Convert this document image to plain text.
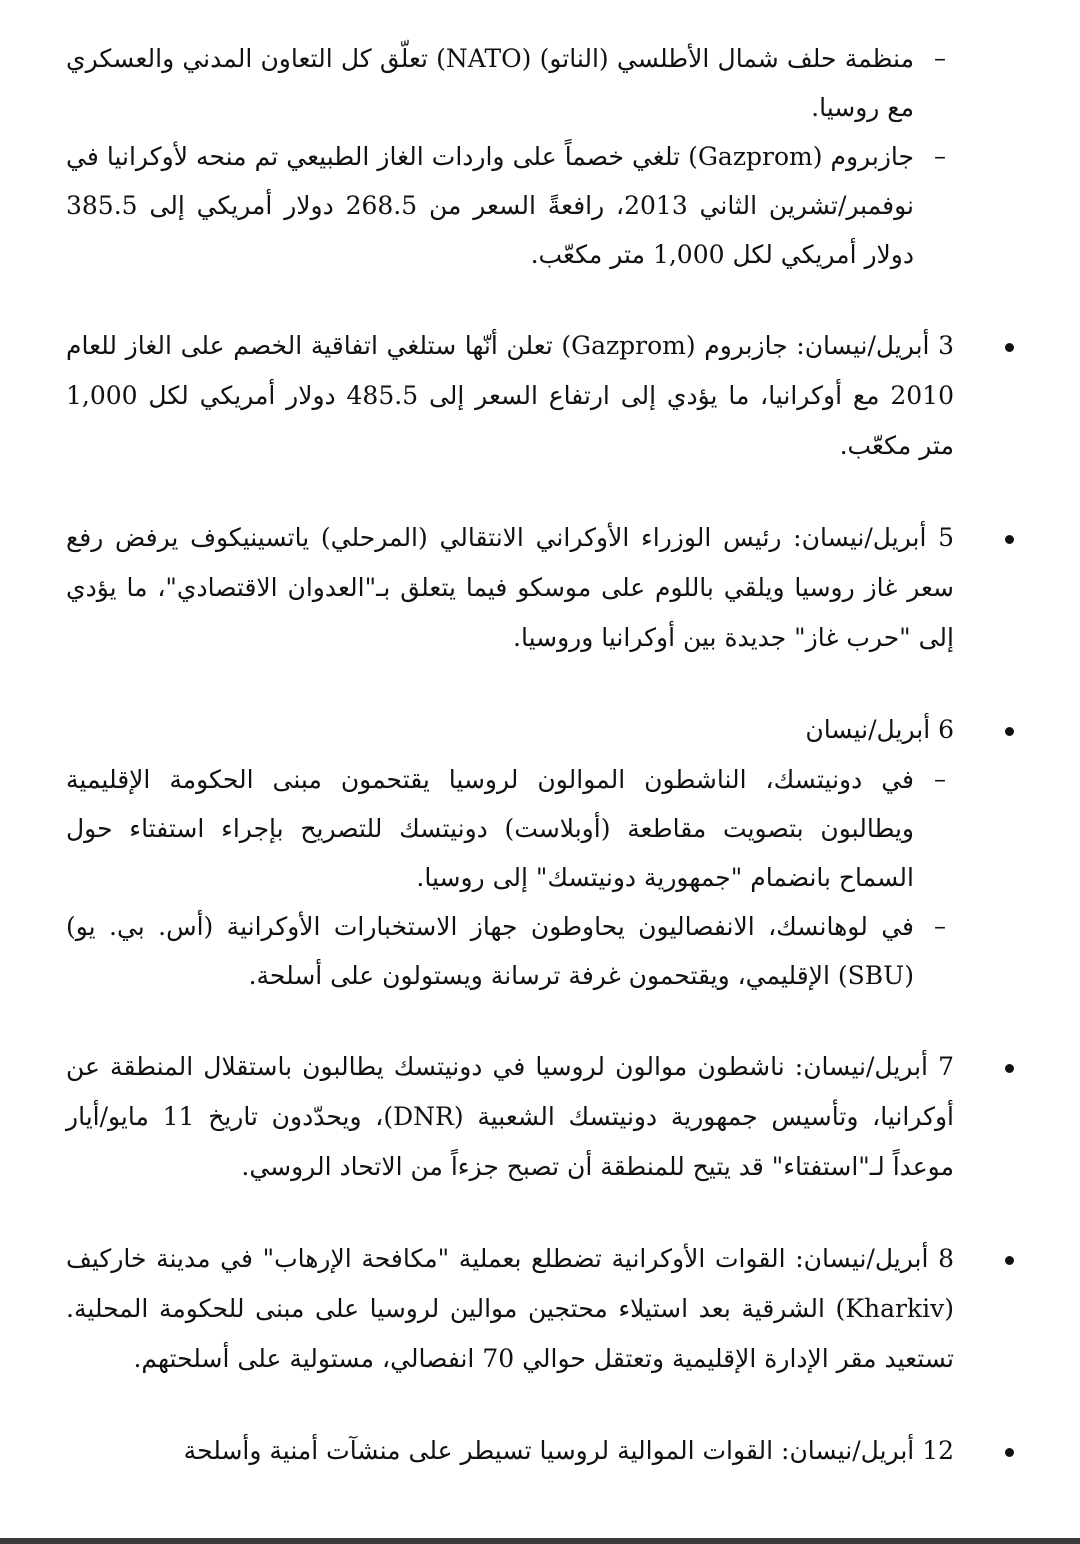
–
منظمة حلف شمال الأطلسي (الناتو) (NATO) تعلّق كل التعاون المدني والعسكري مع روسيا.

–
جازبروم (Gazprom) تلغي خصماً على واردات الغاز الطبيعي تم منحه لأوكرانيا في نوفمبر/تشرين الثاني 2013، رافعةً السعر من 268.5 دولار أمريكي إلى 385.5 دولار أمريكي لكل 1,000 متر مكعّب.

3 أبريل/نيسان: جازبروم (Gazprom) تعلن أنّها ستلغي اتفاقية الخصم على الغاز للعام 2010 مع أوكرانيا، ما يؤدي إلى ارتفاع السعر إلى 485.5 دولار أمريكي لكل 1,000 متر مكعّب.

5 أبريل/نيسان: رئيس الوزراء الأوكراني الانتقالي (المرحلي) ياتسينيكوف يرفض رفع سعر غاز روسيا ويلقي باللوم على موسكو فيما يتعلق بـ"العدوان الاقتصادي"، ما يؤدي إلى "حرب غاز" جديدة بين أوكرانيا وروسيا.

6 أبريل/نيسان

–
في دونيتسك، الناشطون الموالون لروسيا يقتحمون مبنى الحكومة الإقليمية ويطالبون بتصويت مقاطعة (أوبلاست) دونيتسك للتصريح بإجراء استفتاء حول السماح بانضمام "جمهورية دونيتسك" إلى روسيا.

–
في لوهانسك، الانفصاليون يحاوطون جهاز الاستخبارات الأوكرانية (أس. بي. يو) (SBU) الإقليمي، ويقتحمون غرفة ترسانة ويستولون على أسلحة.

7 أبريل/نيسان: ناشطون موالون لروسيا في دونيتسك يطالبون باستقلال المنطقة عن أوكرانيا، وتأسيس جمهورية دونيتسك الشعبية (DNR)، ويحدّدون تاريخ 11 مايو/أيار موعداً لـ"استفتاء" قد يتيح للمنطقة أن تصبح جزءاً من الاتحاد الروسي.

8 أبريل/نيسان: القوات الأوكرانية تضطلع بعملية "مكافحة الإرهاب" في مدينة خاركيف (Kharkiv) الشرقية بعد استيلاء محتجين موالين لروسيا على مبنى للحكومة المحلية. تستعيد مقر الإدارة الإقليمية وتعتقل حوالي 70 انفصالي، مستولية على أسلحتهم.

12 أبريل/نيسان: القوات الموالية لروسيا تسيطر على منشآت أمنية وأسلحة
